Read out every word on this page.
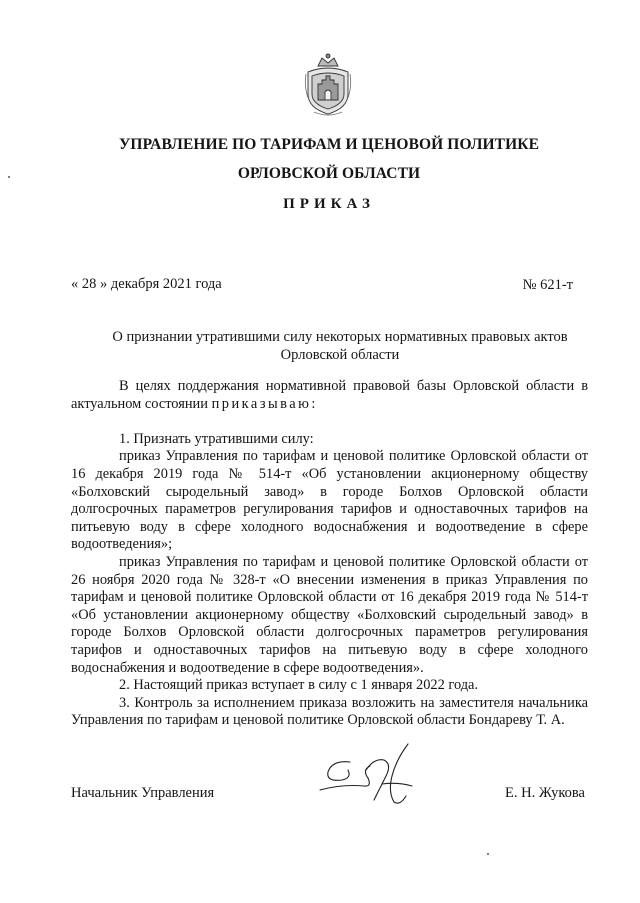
УПРАВЛЕНИЕ ПО ТАРИФАМ И ЦЕНОВОЙ ПОЛИТИКЕ
ОРЛОВСКОЙ ОБЛАСТИ
ПРИКАЗ
« 28 » декабря 2021 года	№ 621-т
О признании утратившими силу некоторых нормативных правовых актов
Орловской области

В целях поддержания нормативной правовой базы Орловской области в актуальном состоянии приказываю:

1. Признать утратившими силу:

приказ Управления по тарифам и ценовой политике Орловской области от 16 декабря 2019 года № 514-т «Об установлении акционерному обществу «Болховский сыродельный завод» в городе Болхов Орловской области долгосрочных параметров регулирования тарифов и одноставочных тарифов на питьевую воду в сфере холодного водоснабжения и водоотведение в сфере водоотведения»;

приказ Управления по тарифам и ценовой политике Орловской области от 26 ноября 2020 года № 328-т «О внесении изменения в приказ Управления по тарифам и ценовой политике Орловской области от 16 декабря 2019 года № 514-т «Об установлении акционерному обществу «Болховский сыродельный завод» в городе Болхов Орловской области долгосрочных параметров регулирования тарифов и одноставочных тарифов на питьевую воду в сфере холодного водоснабжения и водоотведение в сфере водоотведения».

2. Настоящий приказ вступает в силу с 1 января 2022 года.

3. Контроль за исполнением приказа возложить на заместителя начальника Управления по тарифам и ценовой политике Орловской области Бондареву Т. А.

Начальник Управления	Е. Н. Жукова
